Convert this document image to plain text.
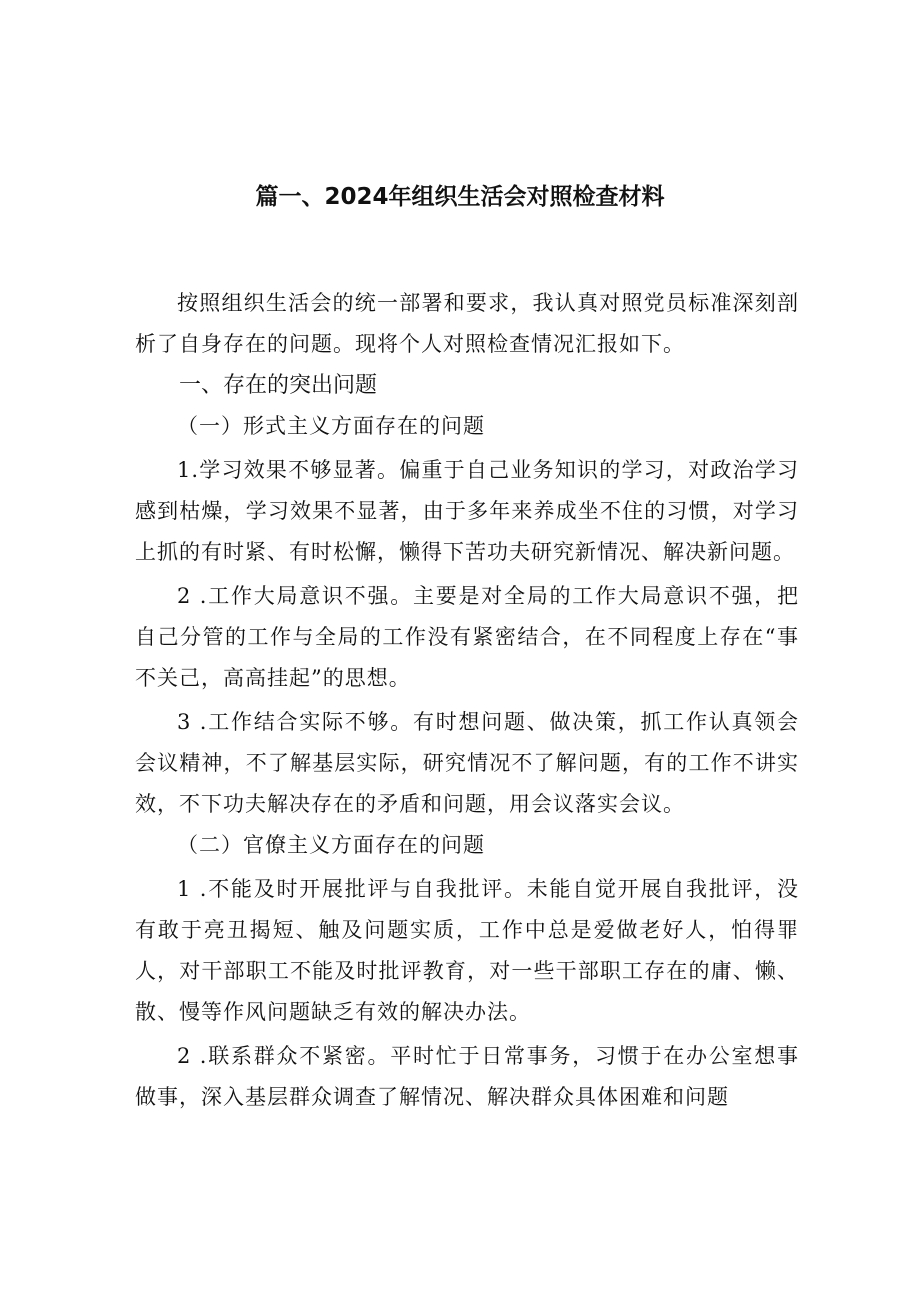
篇一、2024年组织生活会对照检查材料

按照组织生活会的统一部署和要求，我认真对照党员标准深刻剖析了自身存在的问题。现将个人对照检查情况汇报如下。

一、存在的突出问题

（一）形式主义方面存在的问题

1.学习效果不够显著。偏重于自己业务知识的学习，对政治学习感到枯燥，学习效果不显著，由于多年来养成坐不住的习惯，对学习上抓的有时紧、有时松懈，懒得下苦功夫研究新情况、解决新问题。

2 .工作大局意识不强。主要是对全局的工作大局意识不强，把自己分管的工作与全局的工作没有紧密结合，在不同程度上存在“事不关己，高高挂起”的思想。

3 .工作结合实际不够。有时想问题、做决策，抓工作认真领会会议精神，不了解基层实际，研究情况不了解问题，有的工作不讲实效，不下功夫解决存在的矛盾和问题，用会议落实会议。

（二）官僚主义方面存在的问题

1 .不能及时开展批评与自我批评。未能自觉开展自我批评，没有敢于亮丑揭短、触及问题实质，工作中总是爱做老好人，怕得罪人，对干部职工不能及时批评教育，对一些干部职工存在的庸、懒、散、慢等作风问题缺乏有效的解决办法。

2 .联系群众不紧密。平时忙于日常事务，习惯于在办公室想事做事，深入基层群众调查了解情况、解决群众具体困难和问题
